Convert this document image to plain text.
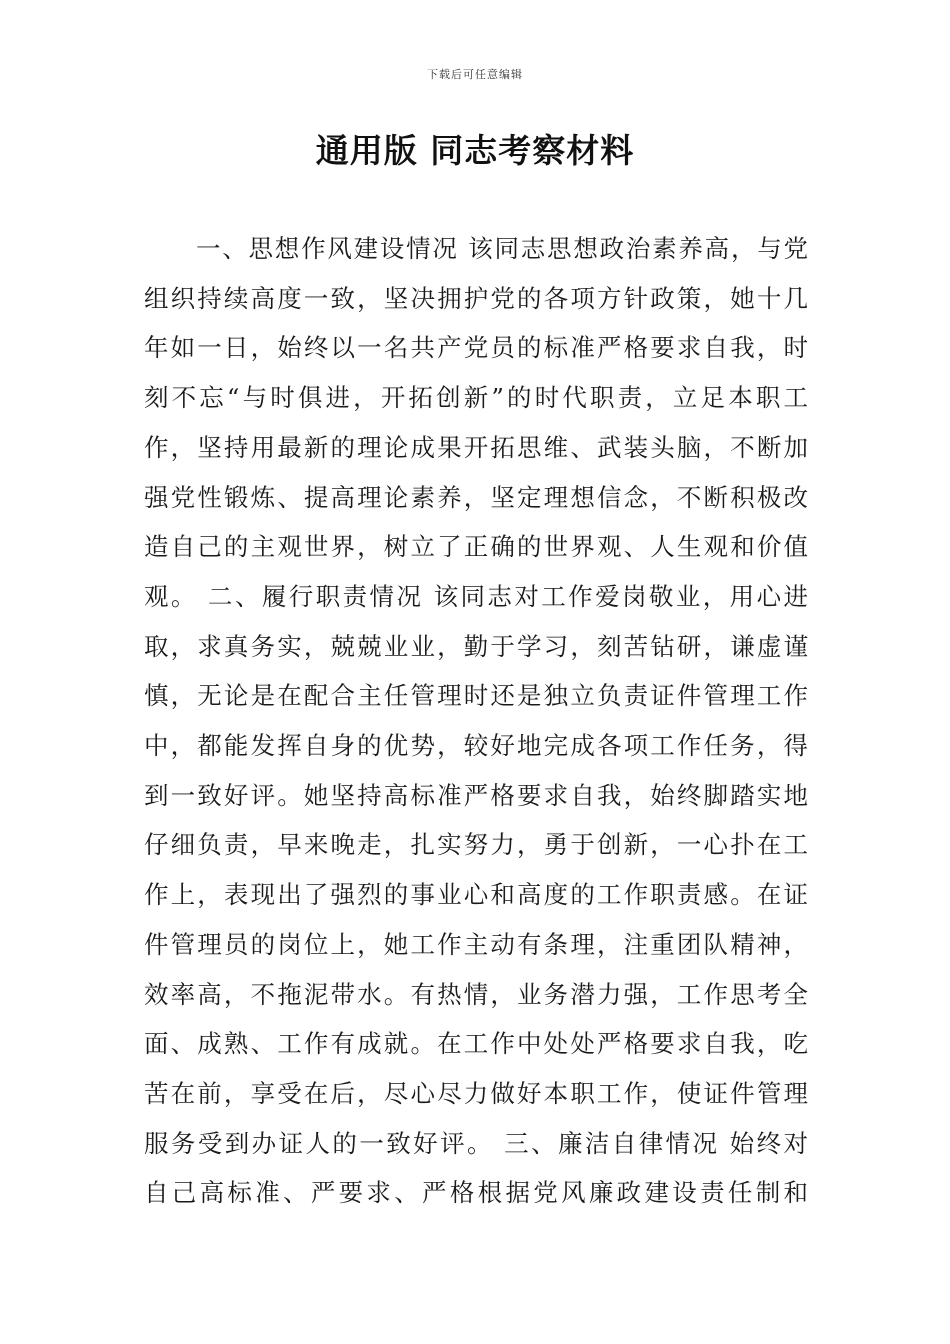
下载后可任意编辑
通用版 同志考察材料
一、思想作风建设情况 该同志思想政治素养高，与党
组织持续高度一致，坚决拥护党的各项方针政策，她十几
年如一日，始终以一名共产党员的标准严格要求自我，时
刻不忘“与时俱进，开拓创新”的时代职责，立足本职工
作，坚持用最新的理论成果开拓思维、武装头脑，不断加
强党性锻炼、提高理论素养，坚定理想信念，不断积极改
造自己的主观世界，树立了正确的世界观、人生观和价值
观。 二、履行职责情况 该同志对工作爱岗敬业，用心进
取，求真务实，兢兢业业，勤于学习，刻苦钻研，谦虚谨
慎，无论是在配合主任管理时还是独立负责证件管理工作
中，都能发挥自身的优势，较好地完成各项工作任务，得
到一致好评。她坚持高标准严格要求自我，始终脚踏实地
仔细负责，早来晚走，扎实努力，勇于创新，一心扑在工
作上，表现出了强烈的事业心和高度的工作职责感。在证
件管理员的岗位上，她工作主动有条理，注重团队精神，
效率高，不拖泥带水。有热情，业务潜力强，工作思考全
面、成熟、工作有成就。在工作中处处严格要求自我，吃
苦在前，享受在后，尽心尽力做好本职工作，使证件管理
服务受到办证人的一致好评。 三、廉洁自律情况 始终对
自己高标准、严要求、严格根据党风廉政建设责任制和
